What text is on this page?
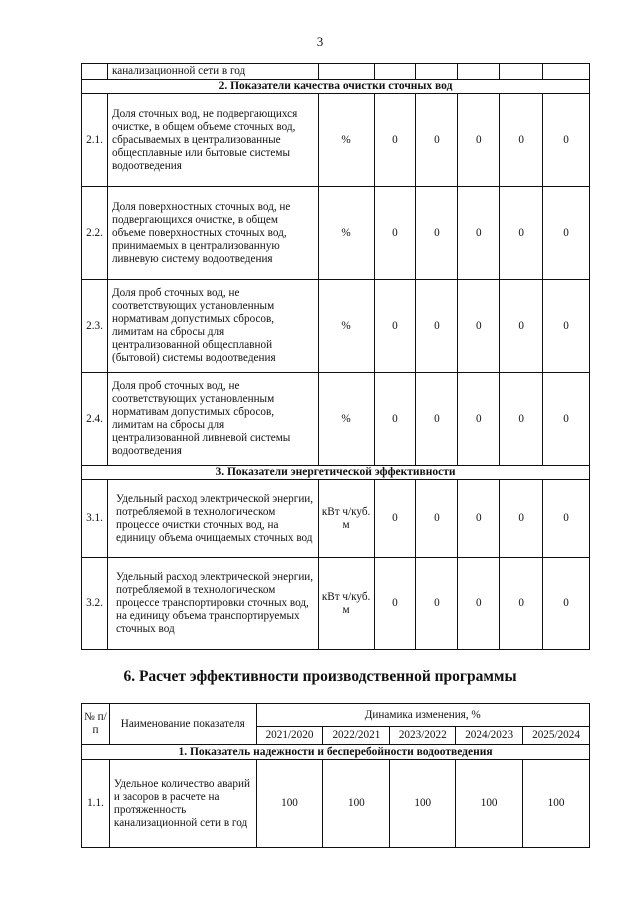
3
	канализационной сети в год						
2. Показатели качества очистки сточных вод							
2.1.	Доля сточных вод, не подвергающихся очистке, в общем объеме сточных вод, сбрасываемых в централизованные общесплавные или бытовые системы водоотведения	%	0	0	0	0	0
2.2.	Доля поверхностных сточных вод, не подвергающихся очистке, в общем объеме поверхностных сточных вод, принимаемых в централизованную ливневую систему водоотведения	%	0	0	0	0	0
2.3.	Доля проб сточных вод, не соответствующих установленным нормативам допустимых сбросов, лимитам на сбросы для централизованной общесплавной (бытовой) системы водоотведения	%	0	0	0	0	0
2.4.	Доля проб сточных вод, не соответствующих установленным нормативам допустимых сбросов, лимитам на сбросы для централизованной ливневой системы водоотведения	%	0	0	0	0	0
3. Показатели энергетической эффективности							
3.1.	Удельный расход электрической энергии, потребляемой в технологическом процессе очистки сточных вод, на единицу объема очищаемых сточных вод	кВт ч/куб. м	0	0	0	0	0
3.2.	Удельный расход электрической энергии, потребляемой в технологическом процессе транспортировки сточных вод, на единицу объема транспортируемых сточных вод	кВт ч/куб. м	0	0	0	0	0
6. Расчет эффективности производственной программы
№ п/п	Наименование показателя	Динамика изменения, %				
		2021/2020	2022/2021	2023/2022	2024/2023	2025/2024
1. Показатель надежности и бесперебойности водоотведения						
1.1.	Удельное количество аварий и засоров в расчете на протяженность канализационной сети в год	100	100	100	100	100
